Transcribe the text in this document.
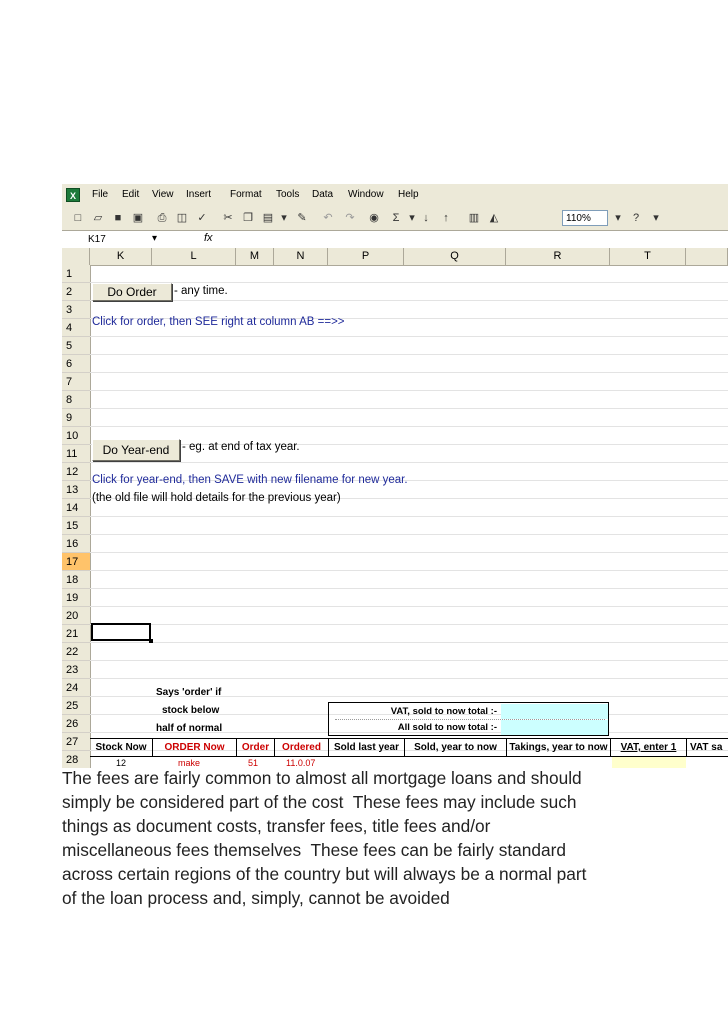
X	File Edit View Insert Format Tools Data Window Help
□	▱	■	▣	⎙ ◫ ✓	✂ ❐ ▤ ▾ ✎	↶	↷	◉	Σ ▾ ↓	↑	▥ ◭	110%	▾	?	▾
K17	▾	fx
K	L	M	N	P	Q	R	T
1
2
3
4
5
6
7
8
9
10
11
12
13
14
15
16
17
18
19
20
21
22
23
24
25
26
27
28
Do Order	- any time.
Click for order, then SEE right at column AB ==>>
Do Year-end	- eg. at end of tax year.
Click for year-end, then SAVE with new filename for new year.
(the old file will hold details for the previous year)
Says 'order' if
stock below
half of normal
VAT, sold to now total :-
All sold to now total :-
Stock Now	ORDER Now	Order	Ordered	Sold last year	Sold, year to now	Takings, year to now	VAT, enter 1	VAT sa
12	make	51	11.0.07
The fees are fairly common to almost all mortgage loans and should
simply be considered part of the cost  These fees may include such
things as document costs, transfer fees, title fees and/or
miscellaneous fees themselves  These fees can be fairly standard
across certain regions of the country but will always be a normal part
of the loan process and, simply, cannot be avoided
